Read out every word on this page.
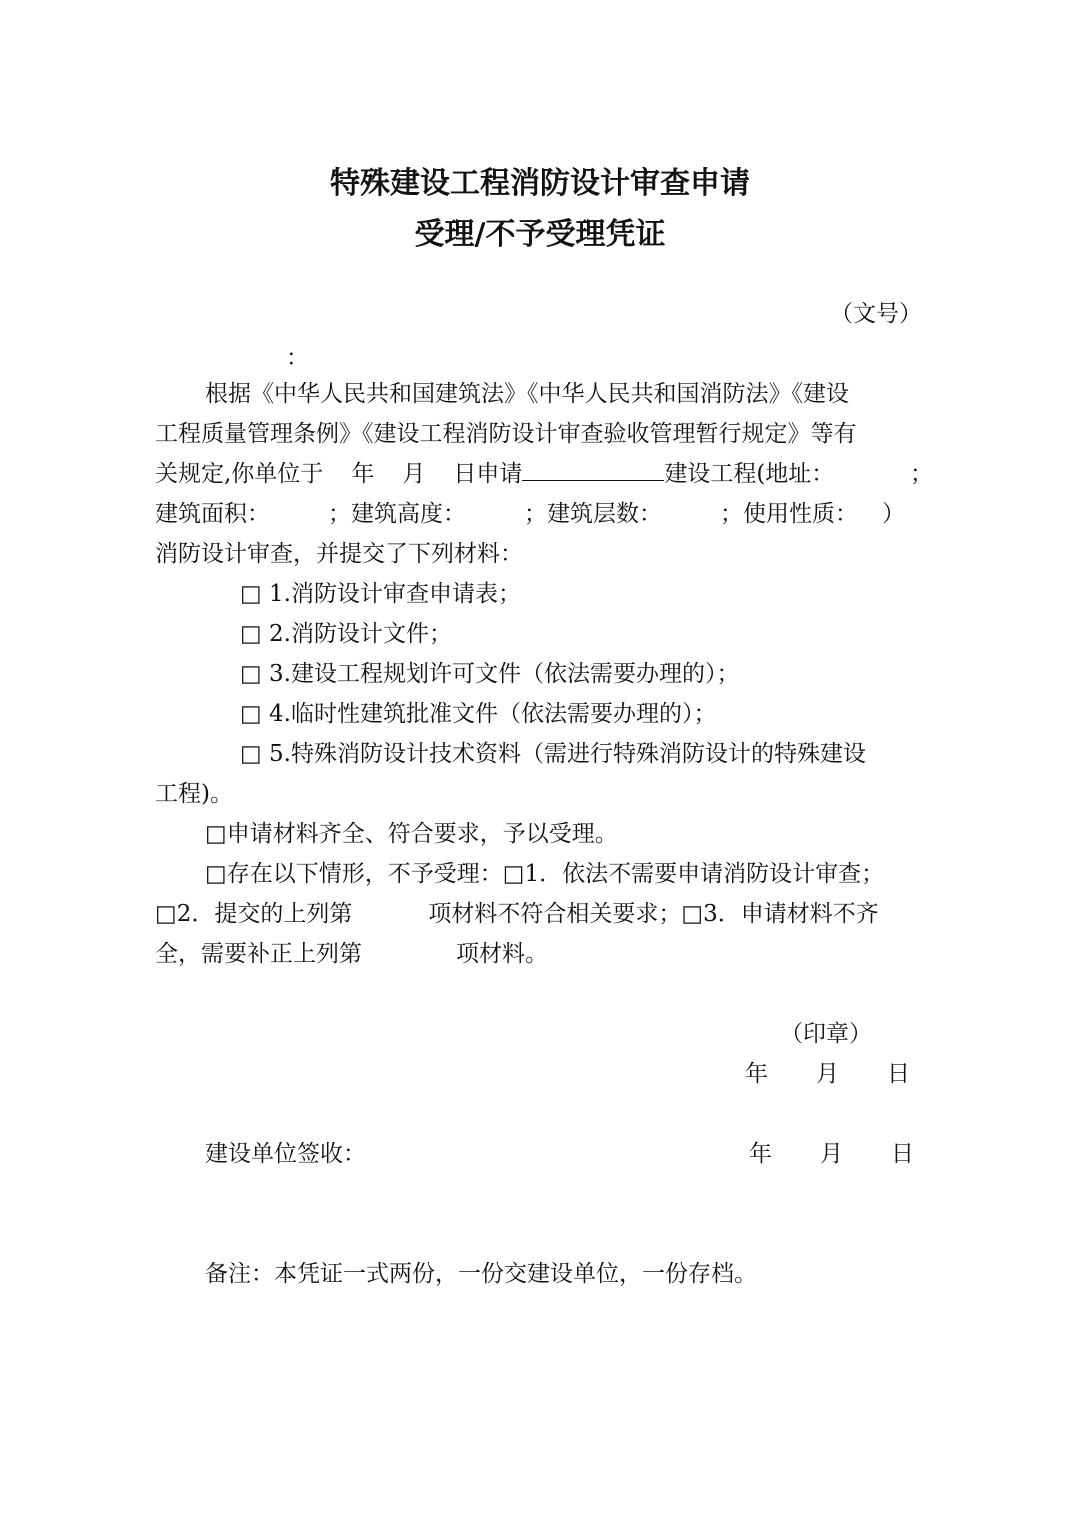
特殊建设工程消防设计审查申请
受理/不予受理凭证
（文号）
：
根据《中华人民共和国建筑法》《中华人民共和国消防法》《建设
工程质量管理条例》《建设工程消防设计审查验收管理暂行规定》等有
关规定,你单位于 年 月 日申请	建设工程(地址：	；
建筑面积：	；建筑高度：	；建筑层数：	；使用性质： ）
消防设计审查，并提交了下列材料：
□ 1.消防设计审查申请表；
□ 2.消防设计文件；
□ 3.建设工程规划许可文件（依法需要办理的）；
□ 4.临时性建筑批准文件（依法需要办理的）；
□ 5.特殊消防设计技术资料（需进行特殊消防设计的特殊建设
工程)。
□申请材料齐全、符合要求，予以受理。
□存在以下情形，不予受理：□1．依法不需要申请消防设计审查；
□2．提交的上列第	项材料不符合相关要求；□3．申请材料不齐
全，需要补正上列第	项材料。
（印章）
年 月 日
建设单位签收：	年 月 日
备注：本凭证一式两份，一份交建设单位，一份存档。
